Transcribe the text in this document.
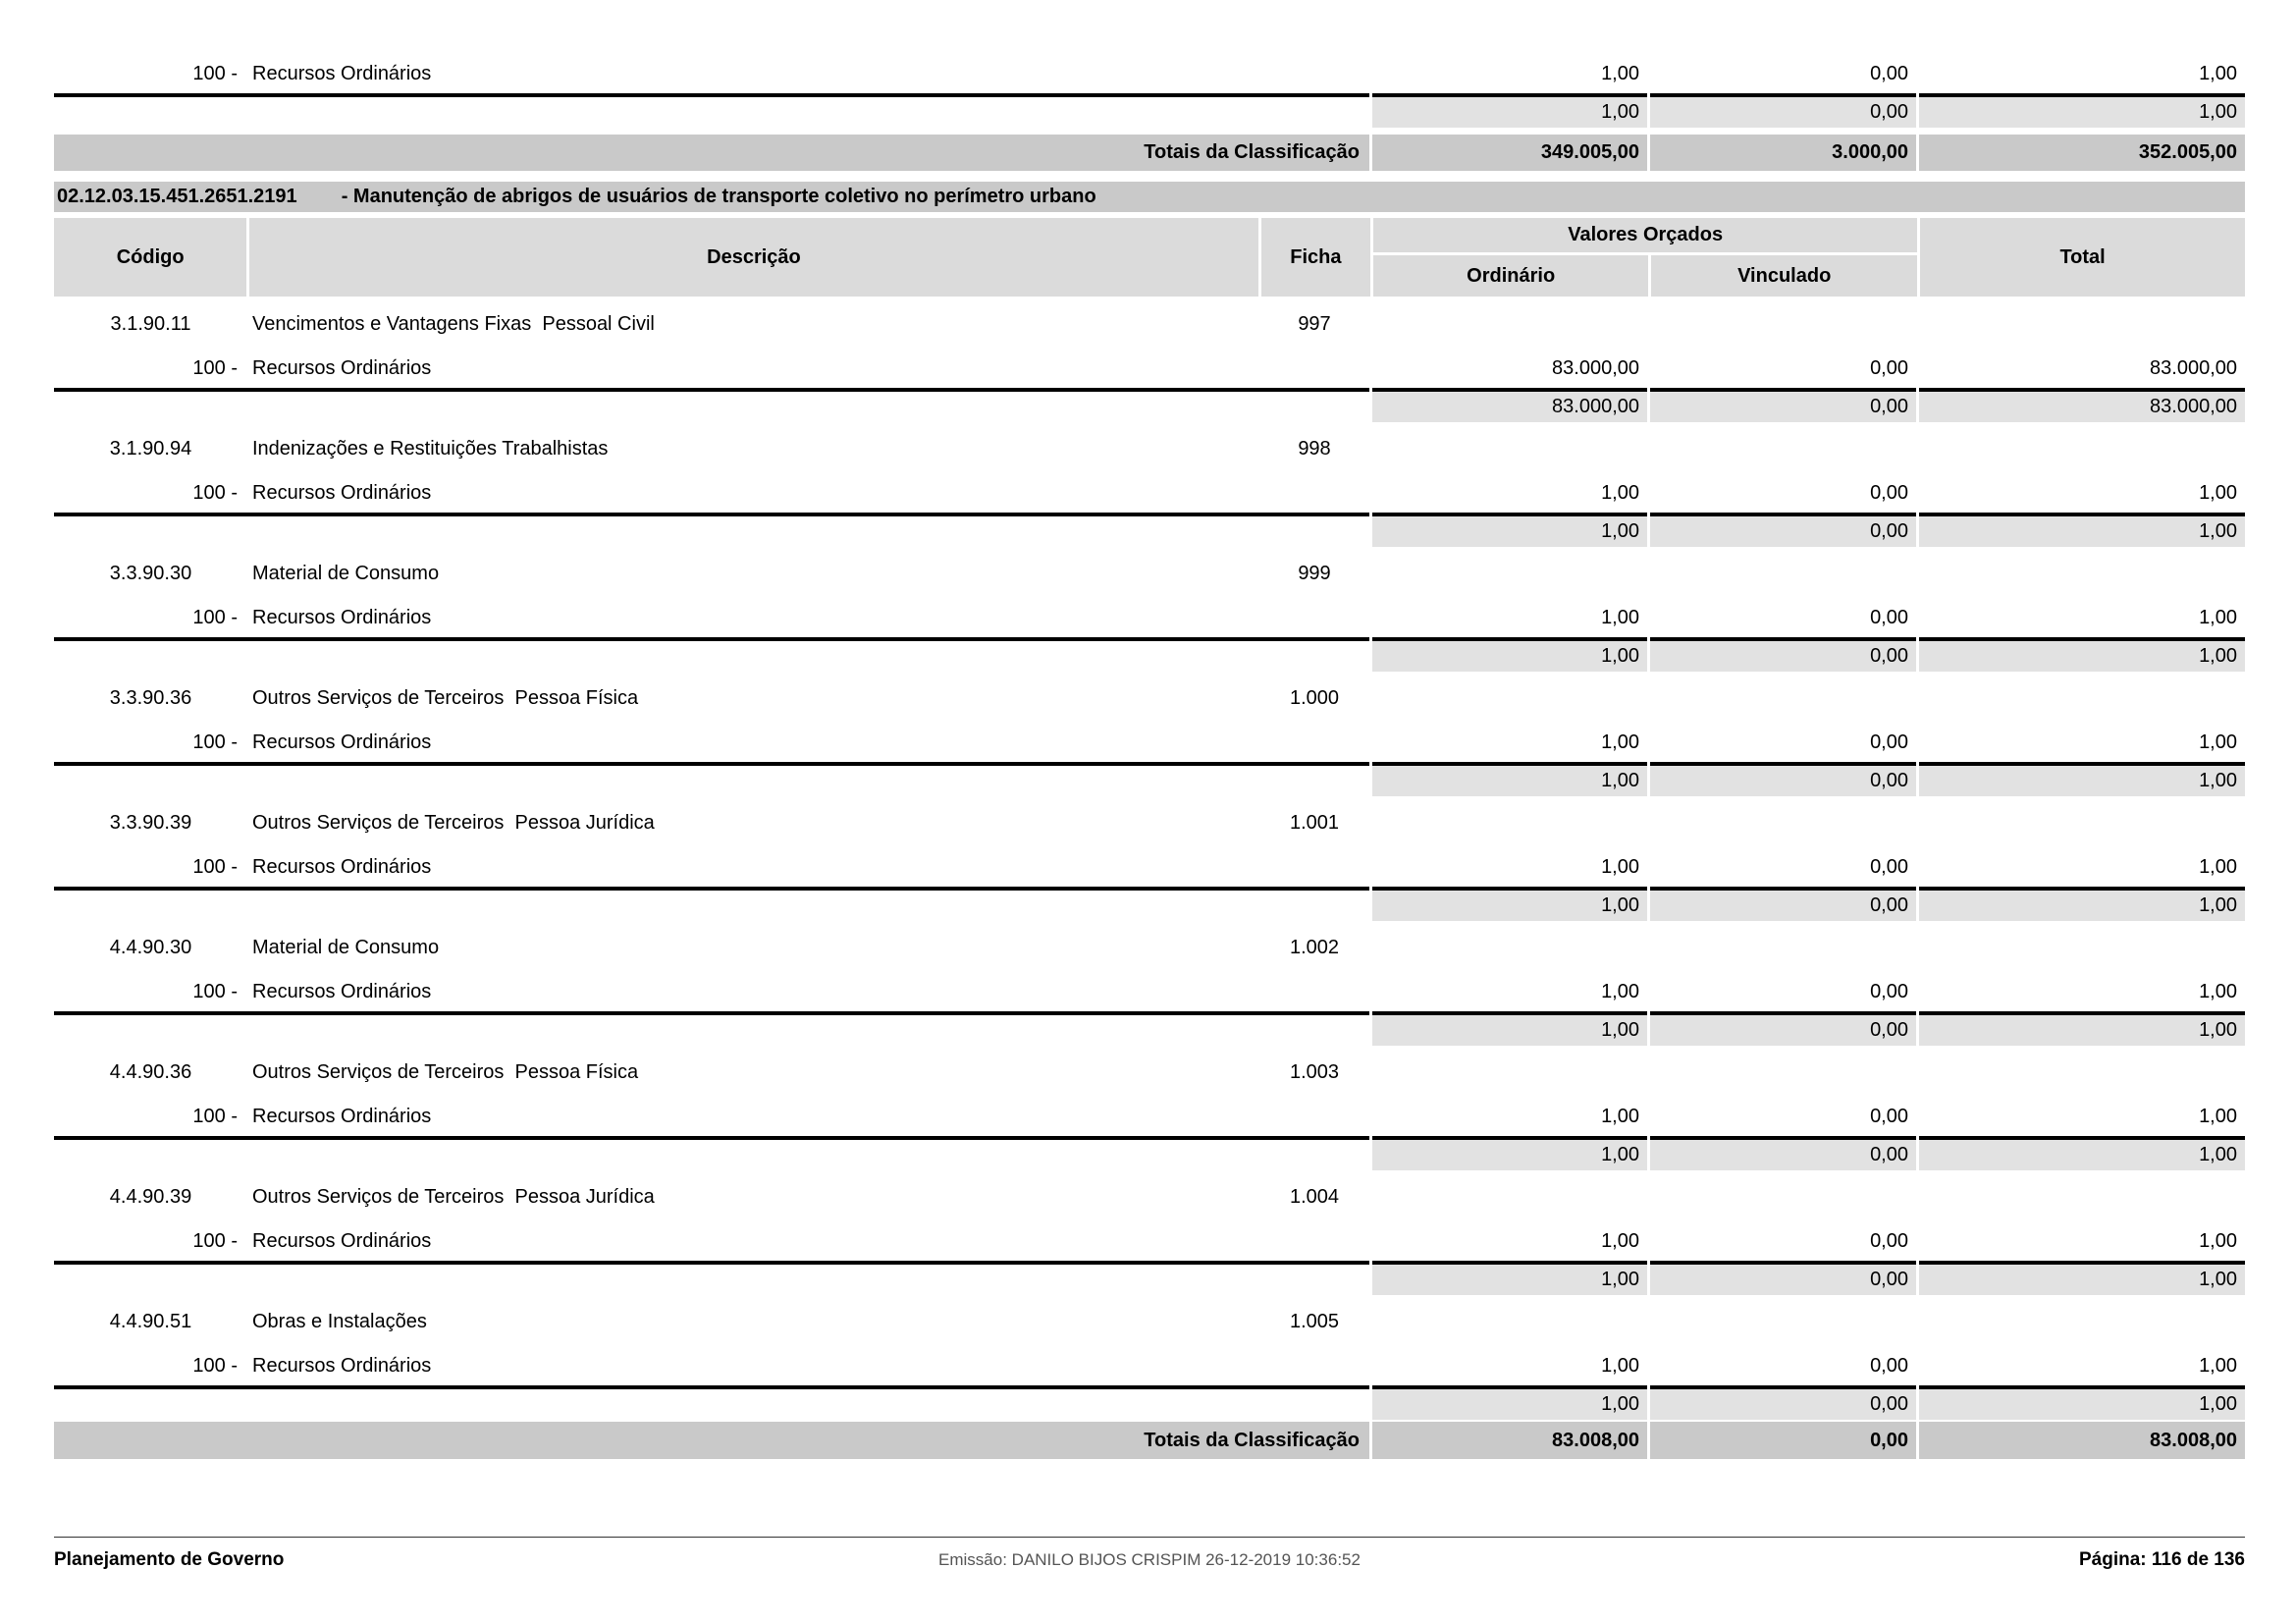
100 - Recursos Ordinários	1,00	0,00	1,00
1,00	0,00	1,00
Totais da Classificação	349.005,00	3.000,00	352.005,00
02.12.03.15.451.2651.2191 - Manutenção de abrigos de usuários de transporte coletivo no perímetro urbano
Código	Descrição	Ficha
Valores Orçados
Ordinário	Vinculado
Total
3.1.90.11	Vencimentos e Vantagens Fixas  Pessoal Civil	997
100 - Recursos Ordinários	83.000,00	0,00	83.000,00
83.000,00	0,00	83.000,00
3.1.90.94	Indenizações e Restituições Trabalhistas	998
100 - Recursos Ordinários	1,00	0,00	1,00
1,00	0,00	1,00
3.3.90.30	Material de Consumo	999
100 - Recursos Ordinários	1,00	0,00	1,00
1,00	0,00	1,00
3.3.90.36	Outros Serviços de Terceiros  Pessoa Física	1.000
100 - Recursos Ordinários	1,00	0,00	1,00
1,00	0,00	1,00
3.3.90.39	Outros Serviços de Terceiros  Pessoa Jurídica	1.001
100 - Recursos Ordinários	1,00	0,00	1,00
1,00	0,00	1,00
4.4.90.30	Material de Consumo	1.002
100 - Recursos Ordinários	1,00	0,00	1,00
1,00	0,00	1,00
4.4.90.36	Outros Serviços de Terceiros  Pessoa Física	1.003
100 - Recursos Ordinários	1,00	0,00	1,00
1,00	0,00	1,00
4.4.90.39	Outros Serviços de Terceiros  Pessoa Jurídica	1.004
100 - Recursos Ordinários	1,00	0,00	1,00
1,00	0,00	1,00
4.4.90.51	Obras e Instalações	1.005
100 - Recursos Ordinários	1,00	0,00	1,00
1,00	0,00	1,00
Totais da Classificação	83.008,00	0,00	83.008,00
Planejamento de Governo	Emissão: DANILO BIJOS CRISPIM 26-12-2019 10:36:52	Página: 116 de 136
